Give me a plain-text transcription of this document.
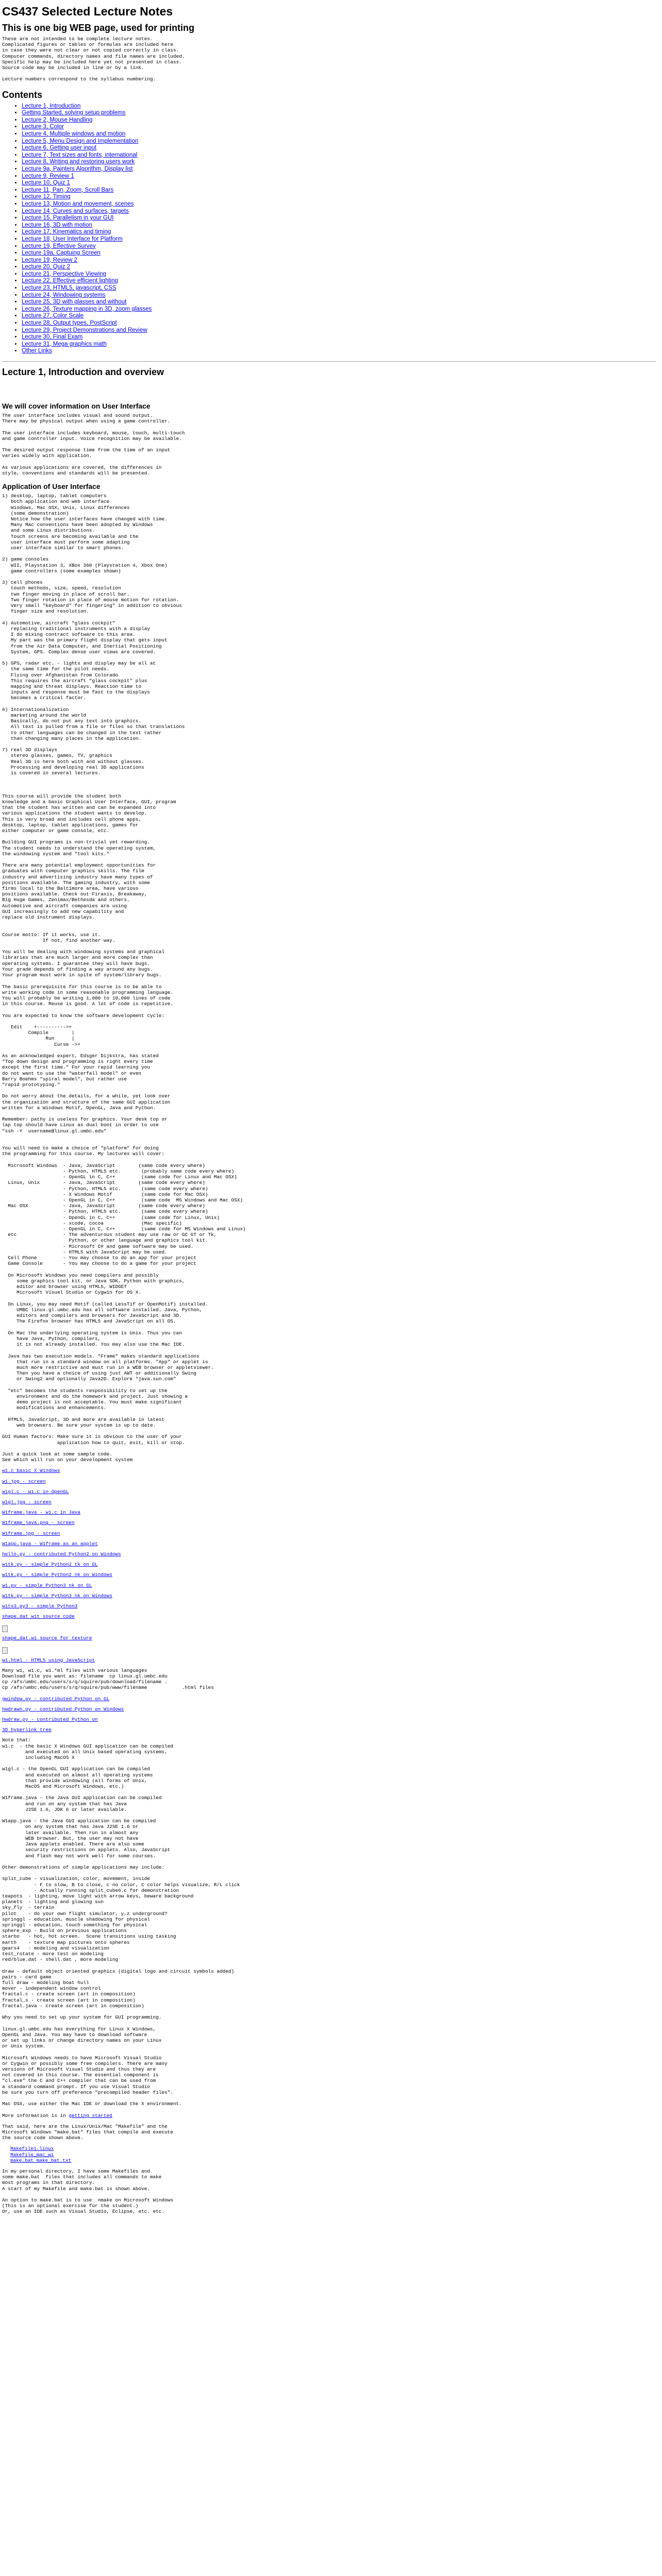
CS437 Selected Lecture Notes
This is one big WEB page, used for printing
These are not intended to be complete lecture notes.
Complicated figures or tables or formulas are included here
in case they were not clear or not copied correctly in class.
Computer commands, directory names and file names are included.
Specific help may be included here yet not presented in class.
Source code may be included in line or by a link.

Lecture numbers correspond to the syllabus numbering.
Contents
• Lecture 1, Introduction
• Getting Started, solving setup problems
• Lecture 2, Mouse Handling
• Lecture 3, Color
• Lecture 4, Multiple windows and motion
• Lecture 5, Menu Design and Implementation
• Lecture 6, Getting user input
• Lecture 7, Text sizes and fonts, international
• Lecture 8, Writing and restoring users work
• Lecture 9a, Painters Algorithm, Display list
• Lecture 9, Review 1
• Lecture 10, Quiz 1
• Lecture 11, Pan, Zoom, Scroll Bars
• Lecture 12, Timing
• Lecture 13, Motion and movement, scenes
• Lecture 14, Curves and surfaces, targets
• Lecture 15, Parallelism in your GUI
• Lecture 16, 3D with motion
• Lecture 17, Kinematics and timing
• Lecture 18, User Interface for Platform
• Lecture 19, Effective Survey
• Lecture 19a, Captuing Screen
• Lecture 19, Review 2
• Lecture 20, Quiz 2
• Lecture 21, Perspective Viewing
• Lecture 22, Effective efficient lighting
• Lecture 23, HTML5, javascript, CSS
• Lecture 24, Windowing systems
• Lecture 25, 3D with glasses and without
• Lecture 26, Texture mapping in 3D, zoom glasses
• Lecture 27, Color Scale
• Lecture 28, Output types, PostScript
• Lecture 29, Project Demonstrations and Review
• Lecture 30, Final Exam
• Lecture 31, Mega graphics math
• Other Links
Lecture 1, Introduction and overview
We will cover information on User Interface
The user interface includes visual and sound output.
There may be physical output when using a game controller.

The user interface includes keyboard, mouse, touch, multi-touch
and game controller input. Voice recognition may be available.

The desired output response time from the time of an input
varies widely with application.

As various applications are covered, the differences in
style, conventions and standards will be presented.
Application of User Interface
1) desktop, laptop, tablet computers
both application and web interface
Windows, Mac OSX, Unix, Linux differences
(some demonstration)
Notice how the user interfaces have changed with time.
Many Mac conventions have been adopted by Windows
and some Linux distributions.
Touch screens are becoming available and the
user interface must perform some adapting
user interface similar to smart phones.

2) game consoles
WII, Playstation 3, XBox 360 (Playstation 4, Xbox One)
game controllers (some examples shown)

3) cell phones
touch methods, size, speed, resolution
two finger moving in place of scroll bar.
Two finger rotation in place of mouse motion for rotation.
Very small "keyboard" for fingering" in addition to obvious
finger size and resolution.

4) Automotive, aircraft "glass cockpit"
replacing traditional instruments with a display
I do mixing contract software to this area.
My part was the primary flight display that gets input
from the Air Data Computer, and Inertial Positioning
System, GPS. Complex dense user views are covered.

5) GPS, radar etc. - lights and display may be all at
the same time for the pilot needs.
Flying over Afghanistan from Colorado
This requires the aircraft "glass cockpit" plus
mapping and threat displays. Reaction time to
inputs and response must be fast to the displays
becomes a critical factor.

6) Internationalization
marketing around the world
Basically, do not put any text into graphics.
All text is pulled from a file or files so that translations
to other languages can be changed in the text rather
than changing many places in the application.

7) real 3D displays
stereo glasses, games, TV, graphics
Real 3D is here both with and without glasses.
Processing and developing real 3D applications
is covered in several lectures.

This course will provide the student both
knowledge and a basic Graphical User Interface, GUI, program
that the student has written and can be expanded into
various applications the student wants to develop.
This is very broad and includes cell phone apps,
desktop, laptop, tablet applications, games for
either computer or game console, etc.

Building GUI programs is non-trivial yet rewarding.
The student needs to understand the operating system,
the windowing system and "tool kits."

There are many potential employment opportunities for
graduates with computer graphics skills. The film
industry and advertising industry have many types of
positions available. The gaming industry, with some
firms local to the Baltimore area, have various
positions available. Check out Firaxis, Breakaway,
Big Huge Games, Zenimax/Bethesda and others.
Automotive and aircraft companies are using
GUI increasingly to add new capability and
replace old instrument displays.

Course motto: If it works, use it.
If not, find another way.

You will be dealing with windowing systems and graphical
libraries that are much larger and more complex than
operating systems. I guarantee they will have bugs.
Your grade depends of finding a way around any bugs.
Your program must work in spite of system/library bugs.

The basic prerequisite for this course is to be able to
write working code in some reasonable programming language.
You will probably be writing 1,000 to 10,000 lines of code
in this course. Reuse is good. A lot of code is repetitive.

You are expected to know the software development cycle:

Edit    +---------->+
Compile        |
Run      |
Curse ->+

As an acknowledged expert, Edsger Dijkstra, has stated
"Top down design and programming is right every time
except the first time." For your rapid learning you
do not want to use the "waterfall model" or even
Barry Boehms "spiral model", but rather use
"rapid prototyping."

Do not worry about the details, for a while, yet look over
the organization and structure of the same GUI application
written for a Windows Motif, OpenGL, Java and Python.

Remember: pathy is useless for graphics. Your desk top or
lap top should have Linux as dual boot in order to use
"ssh -Y  username@linux.gl.umbc.edu"

You will need to make a choice of "platform" for doing
the programming for this course. My lectures will cover:

Microsoft Windows  - Java, JavaScript        (same code every where)
- Python, HTML5 etc.       (probably same code every where)
- OpenGL in C, C++         (same code for Linux and Mac OSX)
Linux, Unix        - Java, JavaScript        (same code every where)
- Python, HTML5 etc.       (same code every where)
- X Windows Motif          (same code for Mac OSX)
- OpenGL in C, C++         (same code  MS Windows and Mac OSX)
Mac OSX            - Java, JavaScript        (same code every where)
- Python, HTML5 etc.       (same code every where)
- OpenGL in C, C++         (same code for Linux, Unix)
- xcode, cocoa             (Mac specific)
- OpenGL in C, C++         (same code for MS Windows and Linux)
etc                - The adventurous student may use raw or GC GT or Tk,
Python, or other language and graphics tool kit.
- Microsoft C# and game software may be used.
- HTML5 with JavaScript may be used.
Cell Phone         - You may choose to do an app for your project
Game Console       - You may choose to do a game for your project

On Microsoft Windows you need compilers and possibly
some graphics tool kit, or Java SDK, Python with graphics,
editor and browser using HTML5, WIDGET
Microsoft Visual Studio or Cygwin for OS X.

On Linux, you may need Motif (called LessTif or OpenMotif) installed.
UMBC linux.gl.umbc.edu has all software installed. Java, Python,
editors and compilers and browsers for JavaScript and 3D.
The Firefox browser has HTML5 and JavaScript on all OS.

On Mac the underlying operating system is Unix. Thus you can
have Java, Python, compilers,
it is not already installed. You may also use the Mac IDE.

Java has two execution models. "Frame" makes standard applications
that run in a standard window on all platforms. "App" or applet is
much more restrictive and must run in a WEB browser or appletviewer.
Then you have a choice of using just AWT or additionally Swing
or Swing2 and optionally Java2D. Explore "java.sun.com"

"etc" becomes the students responsibility to set up the
environment and do the homework and project. Just showing a
demo project is not acceptable. You must make significant
modifications and enhancements.

HTML5, JavaScript, 3D and more are available in latest
web browsers. Be sure your system is up to date.

GUI Human factors: Make sure it is obvious to the user of your
application how to quit, exit, kill or stop.

Just a quick look at some sample code.
See which will run on your development system
w1.c basic X Windows
w1.jpg - screen
w1gl.c - w1.c in OpenGL
w1gl.jpg - screen
W1frame.java - w1.c in Java
W1frame_java.png - screen
W1frame.jpg - screen
W1app.java - W1frame as an applet
hello.py - contributed Python2 on Windows
w1tk.py - simple Python2 tk on GL
w1tk.py - simple Python2 nk on Windows
w1.py - simple Python3 nk on GL
w1tk.py - simple Python3 nk on Windows
w1ts3.py3 - simple Python3
shape.dat w1t source code
shape_dat.w1 source for texture
w1.html - HTML5 using JavaScript
Many w1, w1.c, w1.*ml files with various languages
Download file you want as: filename  cp linux.gl.umbc.edu
cp /afs/umbc.edu/users/s/q/squire/pub/download/filename .
cp /afs/umbc.edu/users/s/q/squire/pub/www/filename            .html files
gwindow.py - contributed Python on GL
hwdrawn.py - contributed Python on Windows
hwdraw.py - contributed Python on
3D hyperlink tree
Note that:
w1.c  - the basic X Windows GUI application can be compiled
and executed on all Unix based operating systems,
including MacOS X

w1gl.c - the OpenGL GUI application can be compiled
and executed on almost all operating systems
that provide windowing (all forms of Unix,
MacOS and Microsoft Windows, etc.)

W1frame.java - the Java GUI application can be compiled
and run on any system that has Java
J2SE 1.6, JDK 6 or later available.

W1app.java - the Java GUI application can be compiled
on any system that has Java J2SE 1.6 or
later available. Then run in almost any
WEB browser. But, the user may not have
Java applets enabled. There are also some
security restrictions on applets. Also, JavaScript
and flash may not work well for some courses.

Other demonstrations of simple applications may include:

split_cube - visualization, color, movement, inside
- F to slow, B to close, c no color, C color helps visualize, R/L click
- Actually running split_cube6.c for demonstration
teapots  - lighting, move light with arrow keys, beware background
planets  - lighting and glowing sun
sky_fly  - terrain
pilot    - do your own flight simulator, y,z underground?
springgl - education, muscle shadowing for physical
springgl - education, touch something for physical
sphere_exp - Build on previous applications
starbo   - hot, hot screen.  Scene transitions using tasking
earth    - texture map pictures onto spheres
gears4   - modeling and visualization
test_rotate - more test on modeling
red/blue.dat - shell.dat , more modeling

draw - default object oriented graphics (digital logo and circuit symbols added)
pairs - card game
full draw - modeling boat hull
mover - independent window control
fractal.c - create screen (art in composition)
fractal_s - create screen (art in composition)
fractal.java - create screen (art in composition)

Why you need to set up your system for GUI programming.

linux.gl.umbc.edu has everything for Linux X Windows,
OpenGL and Java. You may have to download software
or set up links or change directory names on your Linux
or Unix system.

Microsoft Windows needs to have Microsoft Visual Studio
or Cygwin or possibly some free compilers. There are many
versions of Microsoft Visual Studio and thus they are
not covered in this course. The essential component is
"cl.exe" the C and C++ compiler that can be used from
a standard command prompt. If you use Visual Studio
be sure you turn off preference "precompiled header files".

Mac OSX, use either the Mac IDE or download the X environment.

More information is in getting started
That said, here are the Linux/Unix/Mac "Makefile" and the
Microsoft Windows "make.bat" files that compile and execute
the source code shown above.
Makefile1.linux
Makefile_mac_w1
make.bat make_bat.txt
In my personal directory, I have some Makefiles and
some make.bat  files that includes all commands to make
most programs in that directory.
A start of my Makefile and make.bat is shown above.

An option to make.bat is to use  nmake on Microsoft Windows
(This is an optional exercise for the student.)
Or, use an IDE such as Visual Studio, Eclipse, etc. etc.
